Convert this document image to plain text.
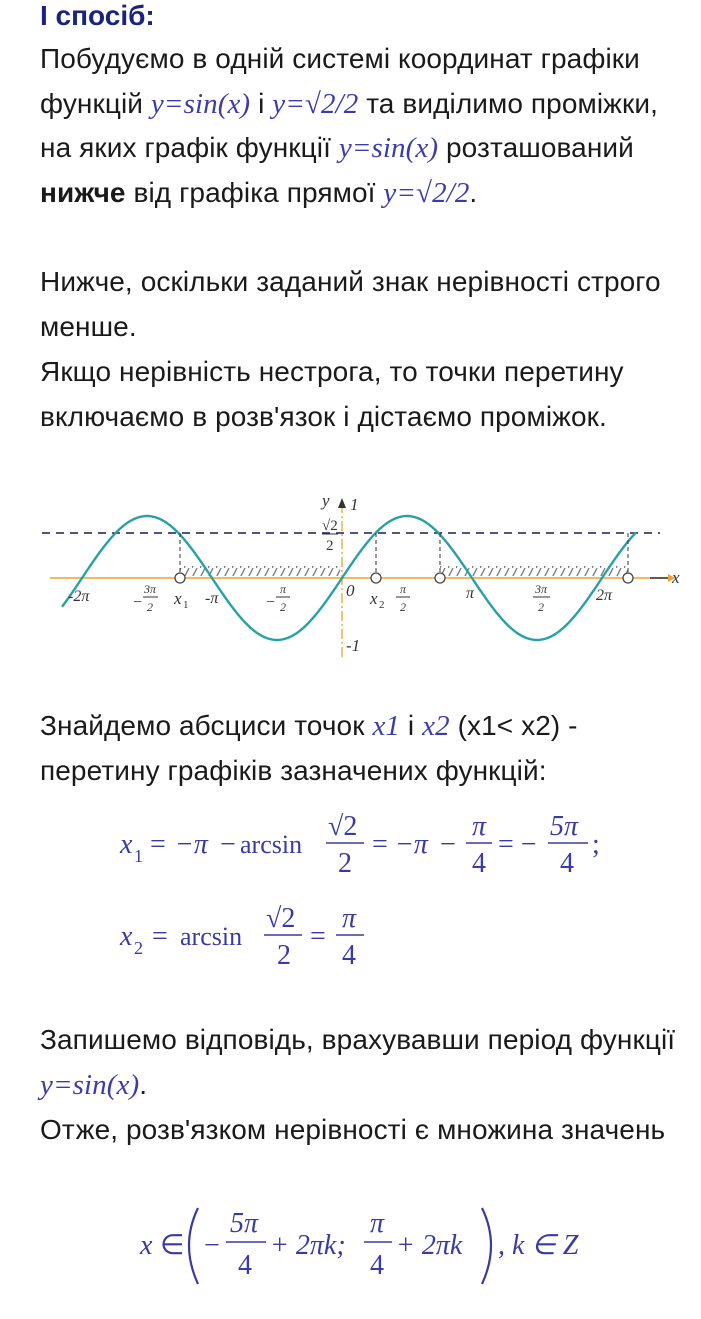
І спосіб:
Побудуємо в одній системі координат графіки функцій y=sin(x) і y=√2/2 та виділимо проміжки, на яких графік функції y=sin(x) розташований нижче від графіка прямої y=√2/2.
Нижче, оскільки заданий знак нерівності строго менше.
Якщо нерівність нестрога, то точки перетину включаємо в розв'язок і дістаємо проміжок.
y 1
√2
2
x
0
-1
-2π	3π
− 2 x 1 -π	−
π
2	x 2
π
2
π	3π
2
2π
Знайдемо абсциси точок x1 і x2 (x1< x2) - перетину графіків зазначених функцій:
x 1 = −π − arcsin
√2
2
= −π −
π
4
= −
5π
4
;
x 2 = arcsin
√2
2
=
π
4
Запишемо відповідь, врахувавши період функції y=sin(x).
Отже, розв'язком нерівності є множина значень
x ∈ −
5π
4
+ 2πk;
π
4
+ 2πk , k ∈ Z
